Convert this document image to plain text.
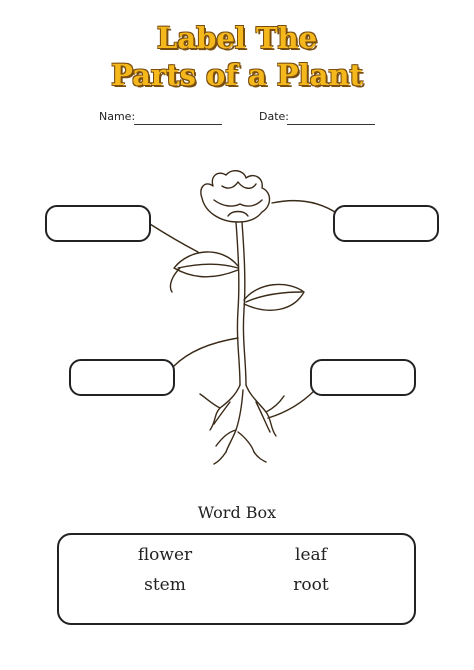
Label The
Parts of a Plant
Name:	Date:
Word Box
flower	leaf
stem	root
